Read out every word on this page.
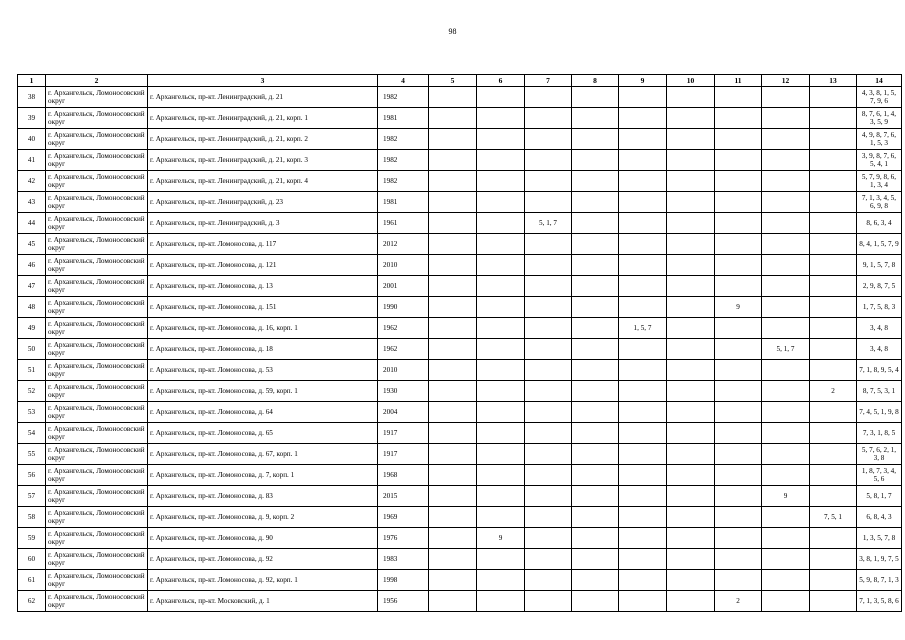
98
1	2	3	4	5	6	7	8	9	10	11	12	13	14
38	г. Архангельск, Ломоносовский округ	г. Архангельск, пр-кт. Ленинградский, д. 21	1982										4, 3, 8, 1, 5, 7, 9, 6
39	г. Архангельск, Ломоносовский округ	г. Архангельск, пр-кт. Ленинградский, д. 21, корп. 1	1981										8, 7, 6, 1, 4, 3, 5, 9
40	г. Архангельск, Ломоносовский округ	г. Архангельск, пр-кт. Ленинградский, д. 21, корп. 2	1982										4, 9, 8, 7, 6, 1, 5, 3
41	г. Архангельск, Ломоносовский округ	г. Архангельск, пр-кт. Ленинградский, д. 21, корп. 3	1982										3, 9, 8, 7, 6, 5, 4, 1
42	г. Архангельск, Ломоносовский округ	г. Архангельск, пр-кт. Ленинградский, д. 21, корп. 4	1982										5, 7, 9, 8, 6, 1, 3, 4
43	г. Архангельск, Ломоносовский округ	г. Архангельск, пр-кт. Ленинградский, д. 23	1981										7, 1, 3, 4, 5, 6, 9, 8
44	г. Архангельск, Ломоносовский округ	г. Архангельск, пр-кт. Ленинградский, д. 3	1961			5, 1, 7							8, 6, 3, 4
45	г. Архангельск, Ломоносовский округ	г. Архангельск, пр-кт. Ломоносова, д. 117	2012										8, 4, 1, 5, 7, 9
46	г. Архангельск, Ломоносовский округ	г. Архангельск, пр-кт. Ломоносова, д. 121	2010										9, 1, 5, 7, 8
47	г. Архангельск, Ломоносовский округ	г. Архангельск, пр-кт. Ломоносова, д. 13	2001										2, 9, 8, 7, 5
48	г. Архангельск, Ломоносовский округ	г. Архангельск, пр-кт. Ломоносова, д. 151	1990							9			1, 7, 5, 8, 3
49	г. Архангельск, Ломоносовский округ	г. Архангельск, пр-кт. Ломоносова, д. 16, корп. 1	1962					1, 5, 7					3, 4, 8
50	г. Архангельск, Ломоносовский округ	г. Архангельск, пр-кт. Ломоносова, д. 18	1962								5, 1, 7		3, 4, 8
51	г. Архангельск, Ломоносовский округ	г. Архангельск, пр-кт. Ломоносова, д. 53	2010										7, 1, 8, 9, 5, 4
52	г. Архангельск, Ломоносовский округ	г. Архангельск, пр-кт. Ломоносова, д. 59, корп. 1	1930									2	8, 7, 5, 3, 1
53	г. Архангельск, Ломоносовский округ	г. Архангельск, пр-кт. Ломоносова, д. 64	2004										7, 4, 5, 1, 9, 8
54	г. Архангельск, Ломоносовский округ	г. Архангельск, пр-кт. Ломоносова, д. 65	1917										7, 3, 1, 8, 5
55	г. Архангельск, Ломоносовский округ	г. Архангельск, пр-кт. Ломоносова, д. 67, корп. 1	1917										5, 7, 6, 2, 1, 3, 8
56	г. Архангельск, Ломоносовский округ	г. Архангельск, пр-кт. Ломоносова, д. 7, корп. 1	1968										1, 8, 7, 3, 4, 5, 6
57	г. Архангельск, Ломоносовский округ	г. Архангельск, пр-кт. Ломоносова, д. 83	2015								9		5, 8, 1, 7
58	г. Архангельск, Ломоносовский округ	г. Архангельск, пр-кт. Ломоносова, д. 9, корп. 2	1969									7, 5, 1	6, 8, 4, 3
59	г. Архангельск, Ломоносовский округ	г. Архангельск, пр-кт. Ломоносова, д. 90	1976		9								1, 3, 5, 7, 8
60	г. Архангельск, Ломоносовский округ	г. Архангельск, пр-кт. Ломоносова, д. 92	1983										3, 8, 1, 9, 7, 5
61	г. Архангельск, Ломоносовский округ	г. Архангельск, пр-кт. Ломоносова, д. 92, корп. 1	1998										5, 9, 8, 7, 1, 3
62	г. Архангельск, Ломоносовский округ	г. Архангельск, пр-кт. Московский, д. 1	1956							2			7, 1, 3, 5, 8, 6
